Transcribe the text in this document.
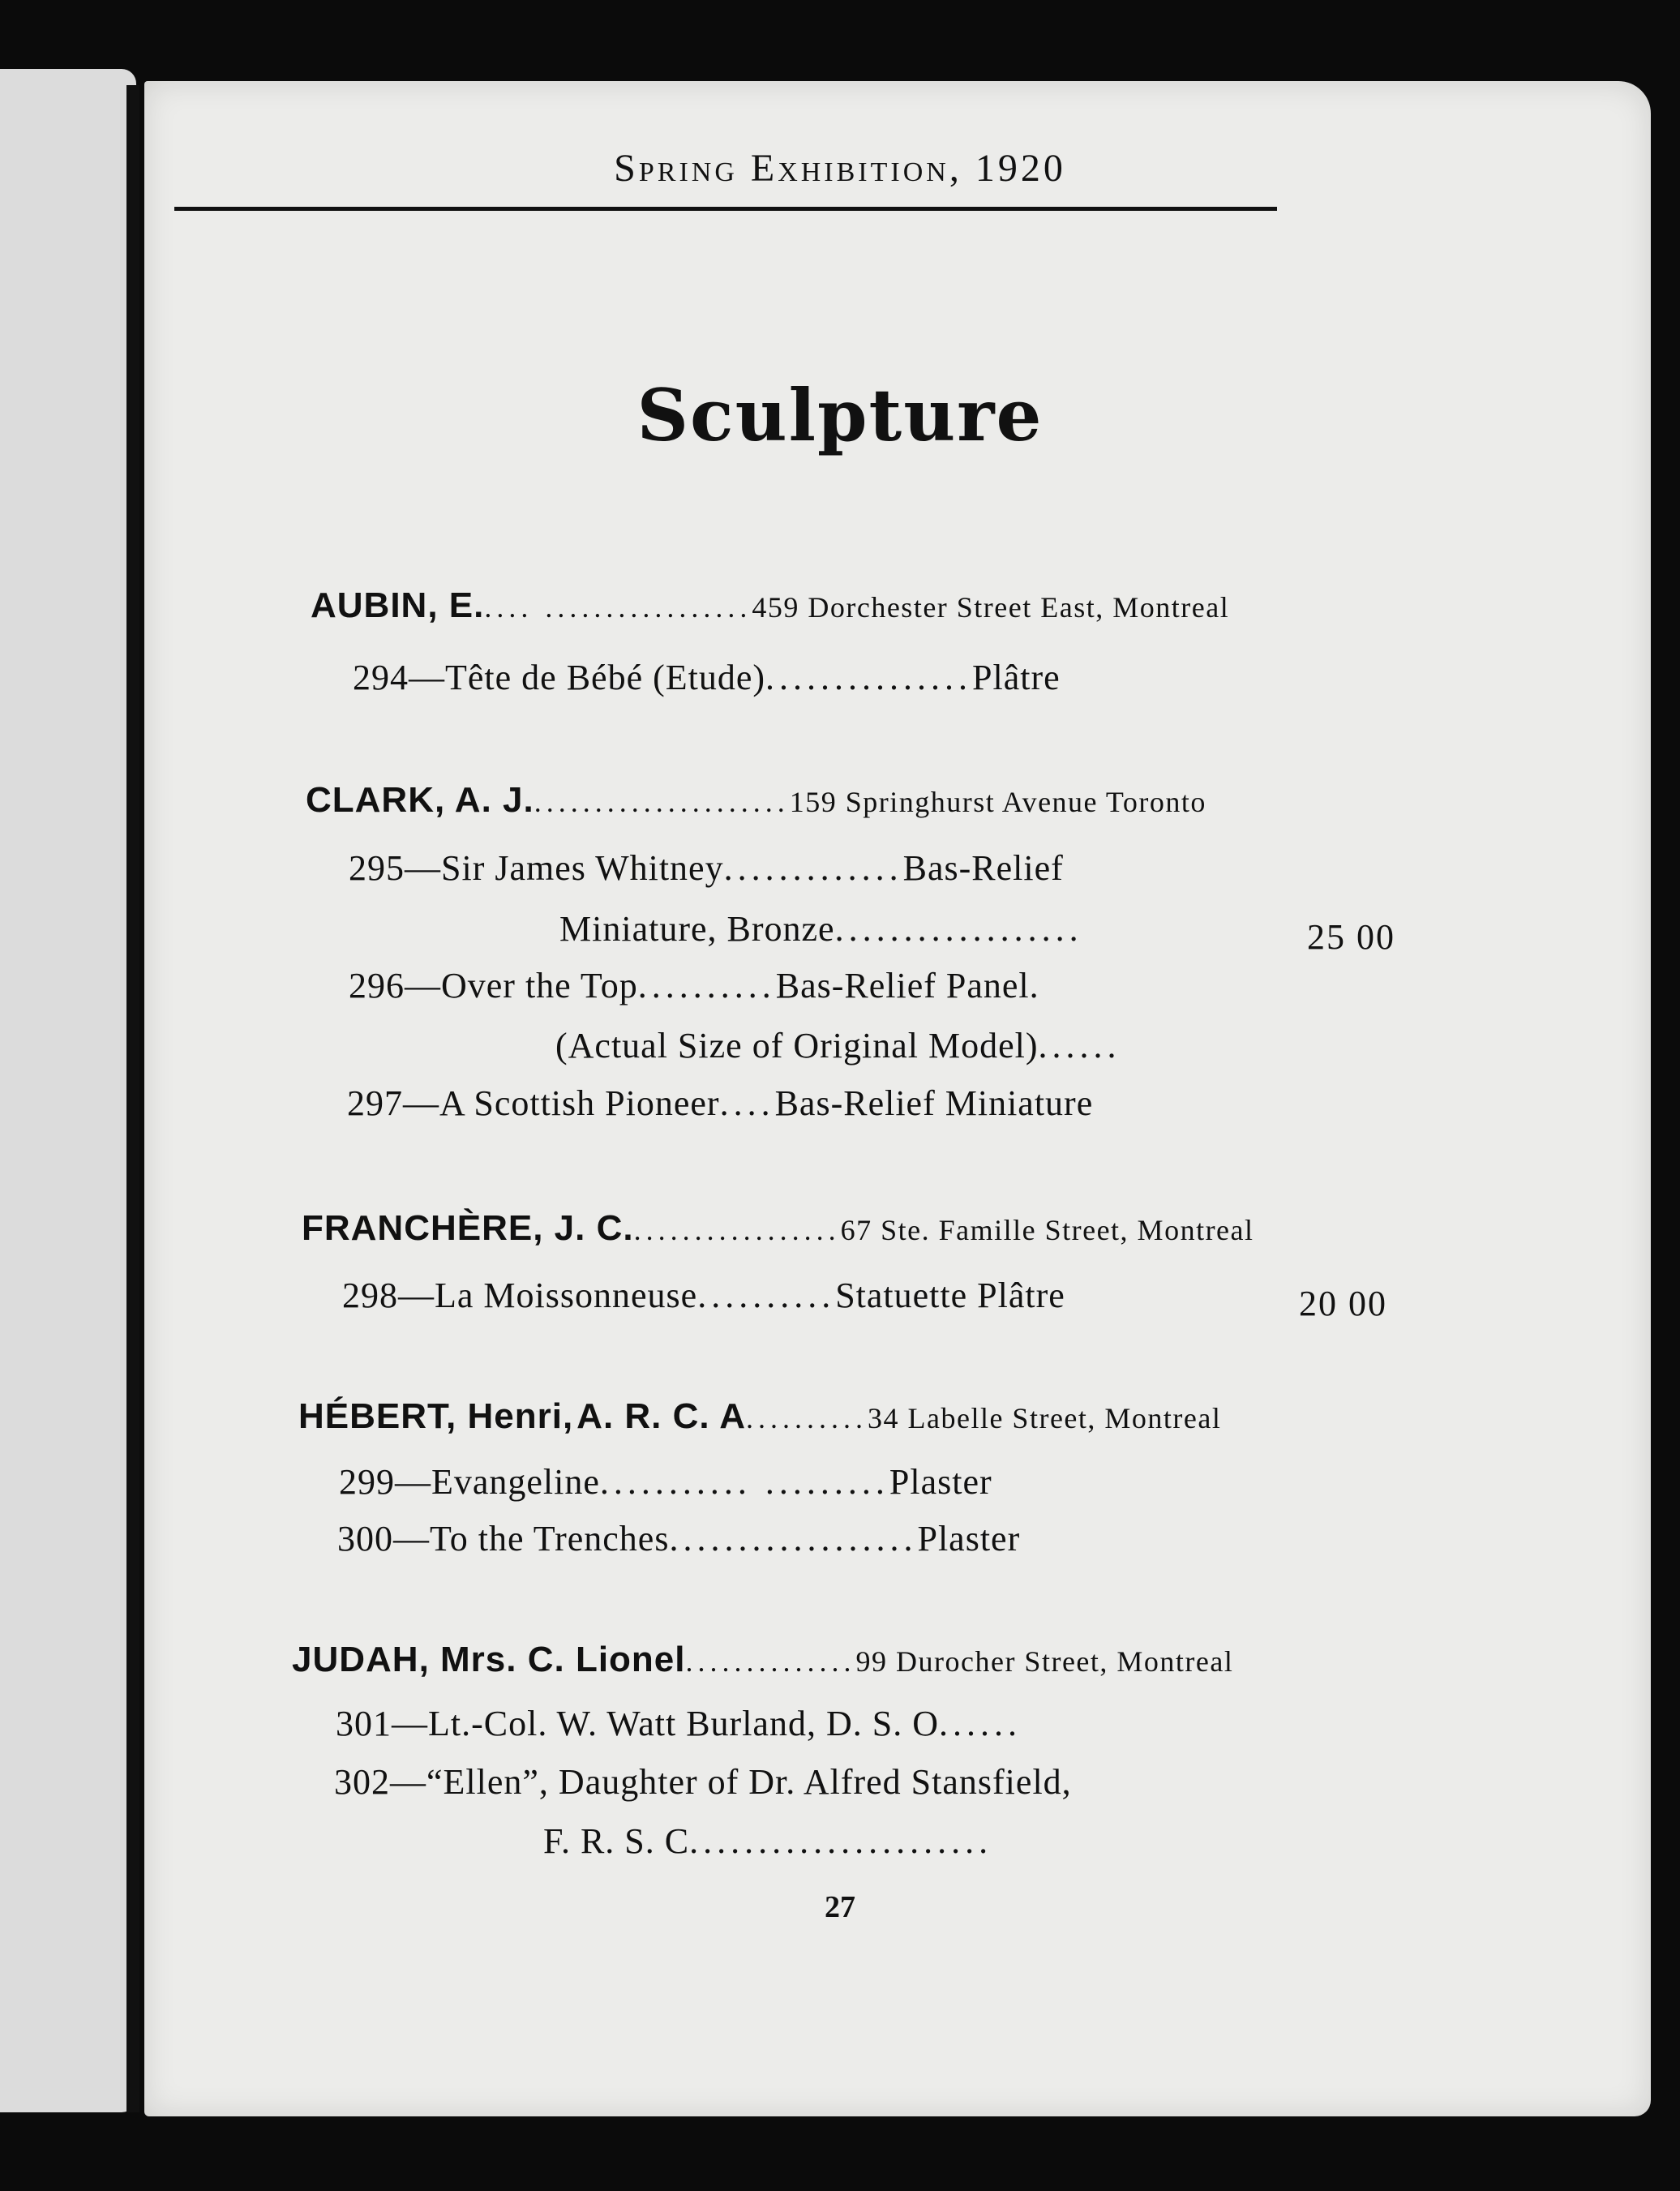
Spring Exhibition, 1920
Sculpture
AUBIN, E..... .................459 Dorchester Street East, Montreal
294—Tête de Bébé (Etude)...............Plâtre
CLARK, A. J......................159 Springhurst Avenue Toronto
295—Sir James Whitney.............Bas-Relief
Miniature, Bronze..................	25 00
296—Over the Top..........Bas-Relief Panel.
(Actual Size of Original Model)......
297—A Scottish Pioneer....Bas-Relief Miniature
FRANCHÈRE, J. C..................67 Ste. Famille Street, Montreal
298—La Moissonneuse..........Statuette Plâtre	20 00
HÉBERT, Henri, A. R. C. A..........34 Labelle Street, Montreal
299—Evangeline........... .........Plaster
300—To the Trenches..................Plaster
JUDAH, Mrs. C. Lionel..............99 Durocher Street, Montreal
301—Lt.-Col. W. Watt Burland, D. S. O......
302—“Ellen”, Daughter of Dr. Alfred Stansfield,
F. R. S. C......................
27
